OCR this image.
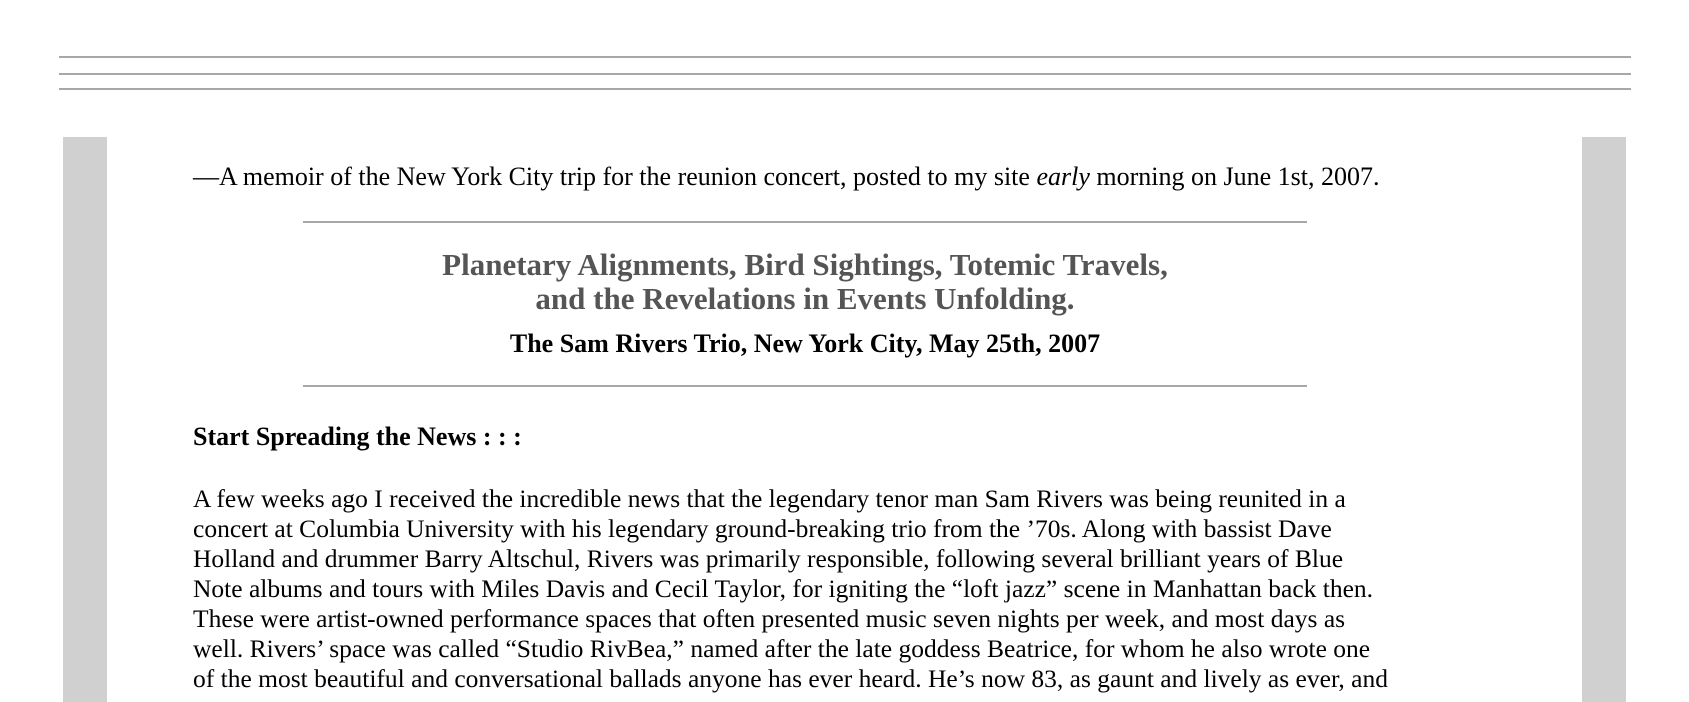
—A memoir of the New York City trip for the reunion concert, posted to my site early morning on June 1st, 2007.
Planetary Alignments, Bird Sightings, Totemic Travels,
and the Revelations in Events Unfolding.
The Sam Rivers Trio, New York City, May 25th, 2007
Start Spreading the News : : :
A few weeks ago I received the incredible news that the legendary tenor man Sam Rivers was being reunited in a
concert at Columbia University with his legendary ground-breaking trio from the ’70s. Along with bassist Dave
Holland and drummer Barry Altschul, Rivers was primarily responsible, following several brilliant years of Blue
Note albums and tours with Miles Davis and Cecil Taylor, for igniting the “loft jazz” scene in Manhattan back then.
These were artist-owned performance spaces that often presented music seven nights per week, and most days as
well. Rivers’ space was called “Studio RivBea,” named after the late goddess Beatrice, for whom he also wrote one
of the most beautiful and conversational ballads anyone has ever heard. He’s now 83, as gaunt and lively as ever, and
